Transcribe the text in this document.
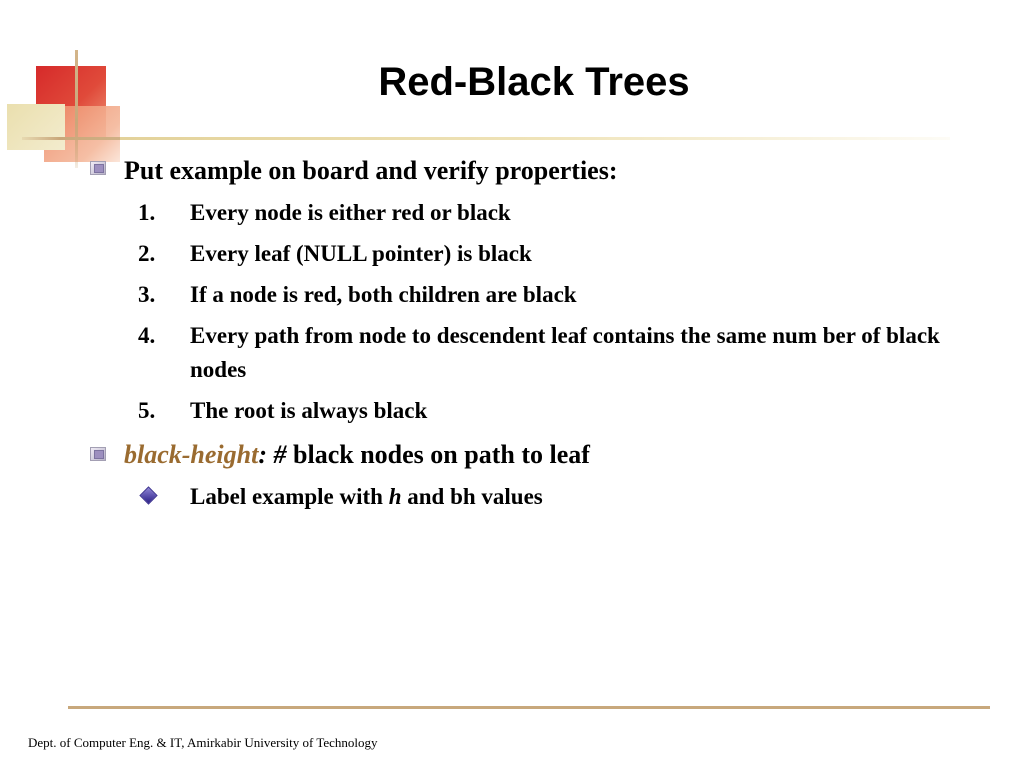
Red-Black Trees
Put example on board and verify properties:
1. Every node is either red or black
2. Every leaf (NULL pointer) is black
3. If a node is red, both children are black
4. Every path from node to descendent leaf contains the same num ber of black nodes
5. The root is always black
black-height: # black nodes on path to leaf
Label example with h and bh values
Dept. of Computer Eng. & IT, Amirkabir University of Technology
